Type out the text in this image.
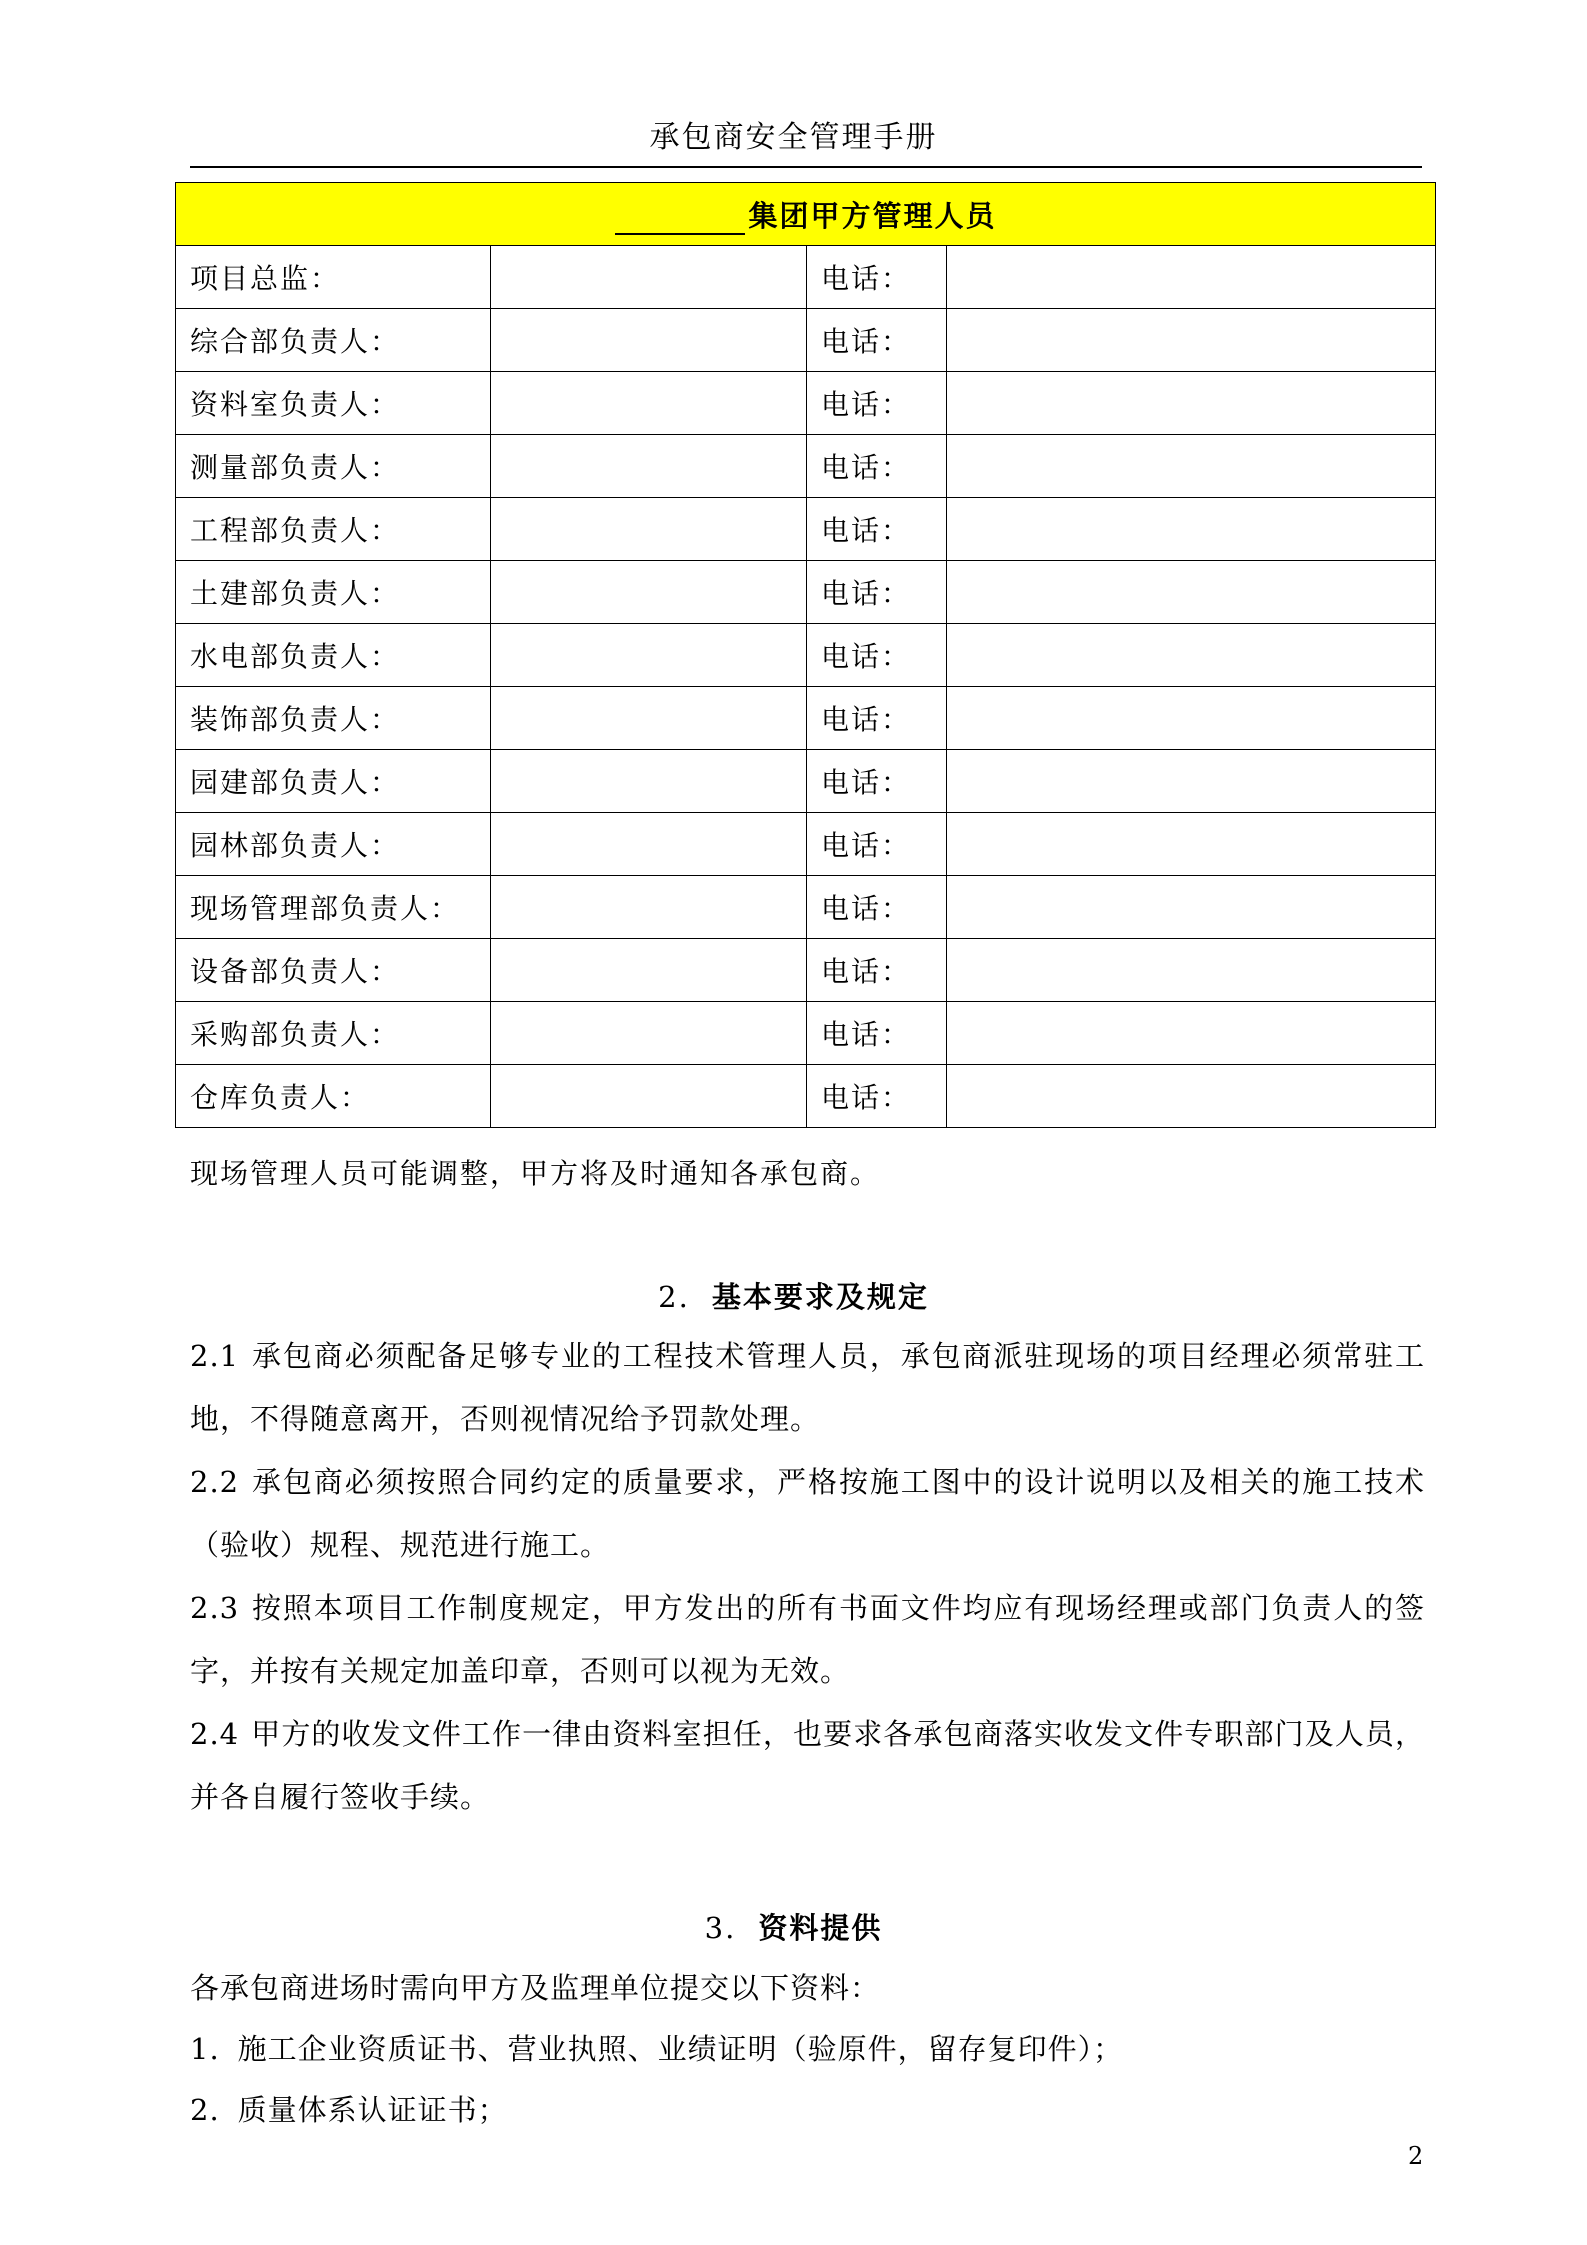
承包商安全管理手册
集团甲方管理人员			
项目总监：		电话：	
综合部负责人：		电话：	
资料室负责人：		电话：	
测量部负责人：		电话：	
工程部负责人：		电话：	
土建部负责人：		电话：	
水电部负责人：		电话：	
装饰部负责人：		电话：	
园建部负责人：		电话：	
园林部负责人：		电话：	
现场管理部负责人：		电话：	
设备部负责人：		电话：	
采购部负责人：		电话：	
仓库负责人：		电话：	
现场管理人员可能调整，甲方将及时通知各承包商。
2. 基本要求及规定
2.1 承包商必须配备足够专业的工程技术管理人员，承包商派驻现场的项目经理必须常驻工地，不得随意离开，否则视情况给予罚款处理。
2.2 承包商必须按照合同约定的质量要求，严格按施工图中的设计说明以及相关的施工技术（验收）规程、规范进行施工。
2.3 按照本项目工作制度规定，甲方发出的所有书面文件均应有现场经理或部门负责人的签字，并按有关规定加盖印章，否则可以视为无效。
2.4 甲方的收发文件工作一律由资料室担任，也要求各承包商落实收发文件专职部门及人员，并各自履行签收手续。
3. 资料提供
各承包商进场时需向甲方及监理单位提交以下资料：
1. 施工企业资质证书、营业执照、业绩证明（验原件，留存复印件）；
2. 质量体系认证证书；
2
